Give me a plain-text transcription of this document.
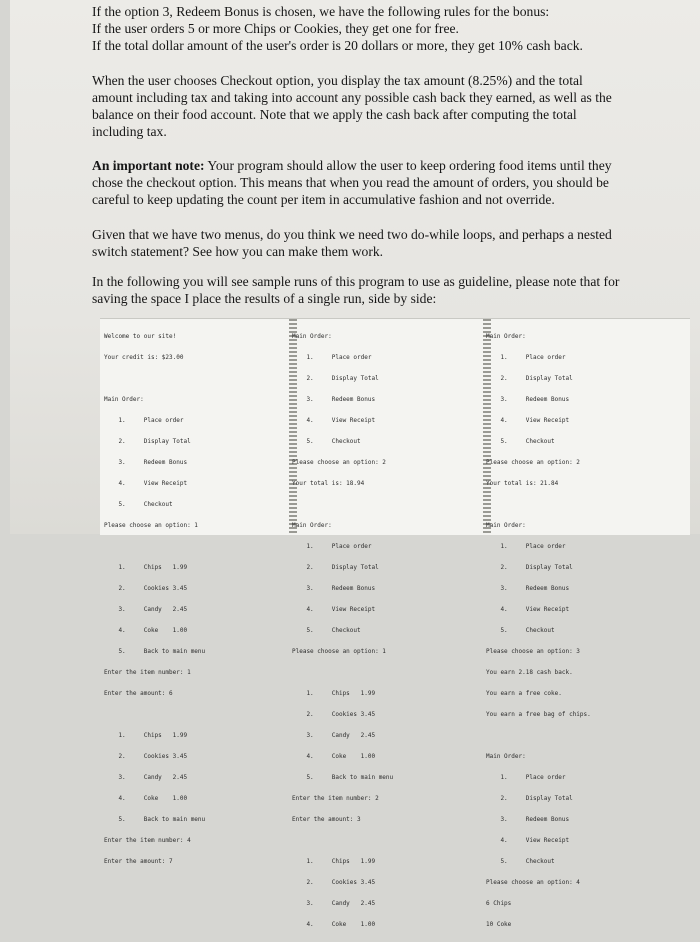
If the option 3, Redeem Bonus is chosen, we have the following rules for the bonus:
If the user orders 5 or more Chips or Cookies, they get one for free.
If the total dollar amount of the user's order is 20 dollars or more, they get 10% cash back.
When the user chooses Checkout option, you display the tax amount (8.25%) and the total
amount including tax and taking into account any possible cash back they earned, as well as the
balance on their food account. Note that we apply the cash back after computing the total
including tax.
An important note: Your program should allow the user to keep ordering food items until they
chose the checkout option. This means that when you read the amount of orders, you should be
careful to keep updating the count per item in accumulative fashion and not override.
Given that we have two menus, do you think we need two do-while loops, and perhaps a nested
switch statement? See how you can make them work.
In the following you will see sample runs of this program to use as guideline, please note that for
saving the space I place the results of a single run, side by side:

Welcome to our site!

Your credit is: $23.00

Main Order:

1.     Place order

2.     Display Total

3.     Redeem Bonus

4.     View Receipt

5.     Checkout

Please choose an option: 1

1.     Chips   1.99

2.     Cookies 3.45

3.     Candy   2.45

4.     Coke    1.00

5.     Back to main menu

Enter the item number: 1

Enter the amount: 6

1.     Chips   1.99

2.     Cookies 3.45

3.     Candy   2.45

4.     Coke    1.00

5.     Back to main menu

Enter the item number: 4

Enter the amount: 7

Main Order:

1.     Place order

2.     Display Total

3.     Redeem Bonus

4.     View Receipt

5.     Checkout

Please choose an option: 2

Your total is: 18.94

Main Order:

1.     Place order

2.     Display Total

3.     Redeem Bonus

4.     View Receipt

5.     Checkout

Please choose an option: 1

1.     Chips   1.99

2.     Cookies 3.45

3.     Candy   2.45

4.     Coke    1.00

5.     Back to main menu

Enter the item number: 2

Enter the amount: 3

1.     Chips   1.99

2.     Cookies 3.45

3.     Candy   2.45

4.     Coke    1.00

Main Order:

1.     Place order

2.     Display Total

3.     Redeem Bonus

4.     View Receipt

5.     Checkout

Please choose an option: 2

Your total is: 21.84

Main Order:

1.     Place order

2.     Display Total

3.     Redeem Bonus

4.     View Receipt

5.     Checkout

Please choose an option: 3

You earn 2.18 cash back.

You earn a free coke.

You earn a free bag of chips.

Main Order:

1.     Place order

2.     Display Total

3.     Redeem Bonus

4.     View Receipt

5.     Checkout

Please choose an option: 4

6 Chips

10 Coke
